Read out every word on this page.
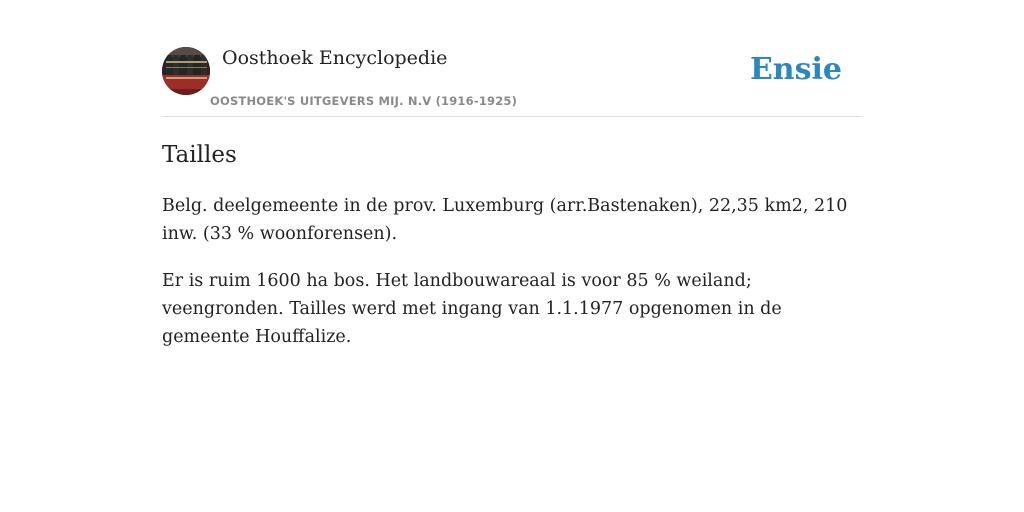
Oosthoek Encyclopedie
OOSTHOEK'S UITGEVERS MIJ. N.V (1916-1925)
Ensie
Tailles

Belg. deelgemeente in de prov. Luxemburg (arr.Bastenaken), 22,35 km2, 210 inw. (33 % woonforensen).

Er is ruim 1600 ha bos. Het landbouwareaal is voor 85 % weiland; veengronden. Tailles werd met ingang van 1.1.1977 opgenomen in de gemeente Houffalize.
